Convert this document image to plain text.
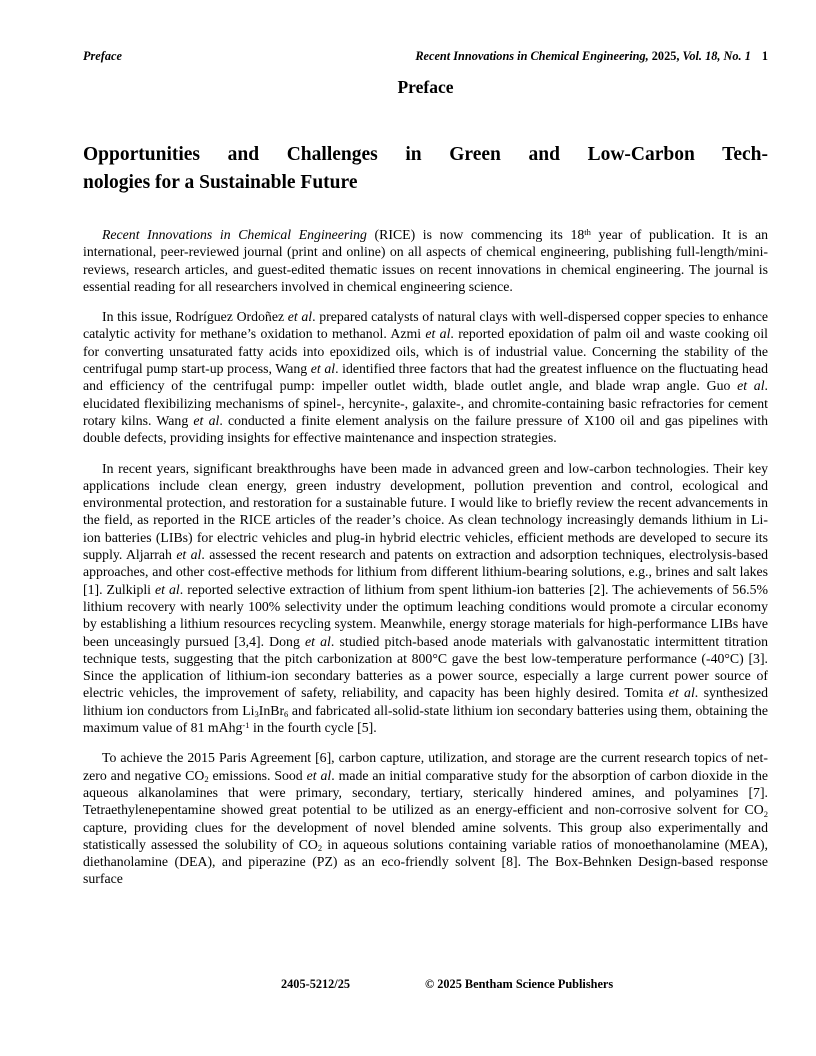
Preface	Recent Innovations in Chemical Engineering, 2025, Vol. 18, No. 1 1
Preface
Opportunities and Challenges in Green and Low-Carbon Tech-
nologies for a Sustainable Future

Recent Innovations in Chemical Engineering (RICE) is now commencing its 18th year of publication. It is an international, peer-reviewed journal (print and online) on all aspects of chemical engineering, publishing full-length/mini-reviews, research articles, and guest-edited thematic issues on recent innovations in chemical engineering. The journal is essential reading for all researchers involved in chemical engineering science.

In this issue, Rodríguez Ordoñez et al. prepared catalysts of natural clays with well-dispersed copper species to enhance catalytic activity for methane’s oxidation to methanol. Azmi et al. reported epoxidation of palm oil and waste cooking oil for converting unsaturated fatty acids into epoxidized oils, which is of industrial value. Concerning the stability of the centrifugal pump start-up process, Wang et al. identified three factors that had the greatest influence on the fluctuating head and efficiency of the centrifugal pump: impeller outlet width, blade outlet angle, and blade wrap angle. Guo et al. elucidated flexibilizing mechanisms of spinel-, hercynite-, galaxite-, and chromite-containing basic refractories for cement rotary kilns. Wang et al. conducted a finite element analysis on the failure pressure of X100 oil and gas pipelines with double defects, providing insights for effective maintenance and inspection strategies.

In recent years, significant breakthroughs have been made in advanced green and low-carbon technologies. Their key applications include clean energy, green industry development, pollution prevention and control, ecological and environmental protection, and restoration for a sustainable future. I would like to briefly review the recent advancements in the field, as reported in the RICE articles of the reader’s choice. As clean technology increasingly demands lithium in Li-ion batteries (LIBs) for electric vehicles and plug-in hybrid electric vehicles, efficient methods are developed to secure its supply. Aljarrah et al. assessed the recent research and patents on extraction and adsorption techniques, electrolysis-based approaches, and other cost-effective methods for lithium from different lithium-bearing solutions, e.g., brines and salt lakes [1]. Zulkipli et al. reported selective extraction of lithium from spent lithium-ion batteries [2]. The achievements of 56.5% lithium recovery with nearly 100% selectivity under the optimum leaching conditions would promote a circular economy by establishing a lithium resources recycling system. Meanwhile, energy storage materials for high-performance LIBs have been unceasingly pursued [3,4]. Dong et al. studied pitch-based anode materials with galvanostatic intermittent titration technique tests, suggesting that the pitch carbonization at 800°C gave the best low-temperature performance (-40°C) [3]. Since the application of lithium-ion secondary batteries as a power source, especially a large current power source of electric vehicles, the improvement of safety, reliability, and capacity has been highly desired. Tomita et al. synthesized lithium ion conductors from Li3InBr6 and fabricated all-solid-state lithium ion secondary batteries using them, obtaining the maximum value of 81 mAhg$^{-1}$ in the fourth cycle [5].

To achieve the 2015 Paris Agreement [6], carbon capture, utilization, and storage are the current research topics of net-zero and negative CO2 emissions. Sood et al. made an initial comparative study for the absorption of carbon dioxide in the aqueous alkanolamines that were primary, secondary, tertiary, sterically hindered amines, and polyamines [7]. Tetraethylenepentamine showed great potential to be utilized as an energy-efficient and non-corrosive solvent for CO2 capture, providing clues for the development of novel blended amine solvents. This group also experimentally and statistically assessed the solubility of CO2 in aqueous solutions containing variable ratios of monoethanolamine (MEA), diethanolamine (DEA), and piperazine (PZ) as an eco-friendly solvent [8]. The Box-Behnken Design-based response surface

2405-5212/25	© 2025 Bentham Science Publishers
